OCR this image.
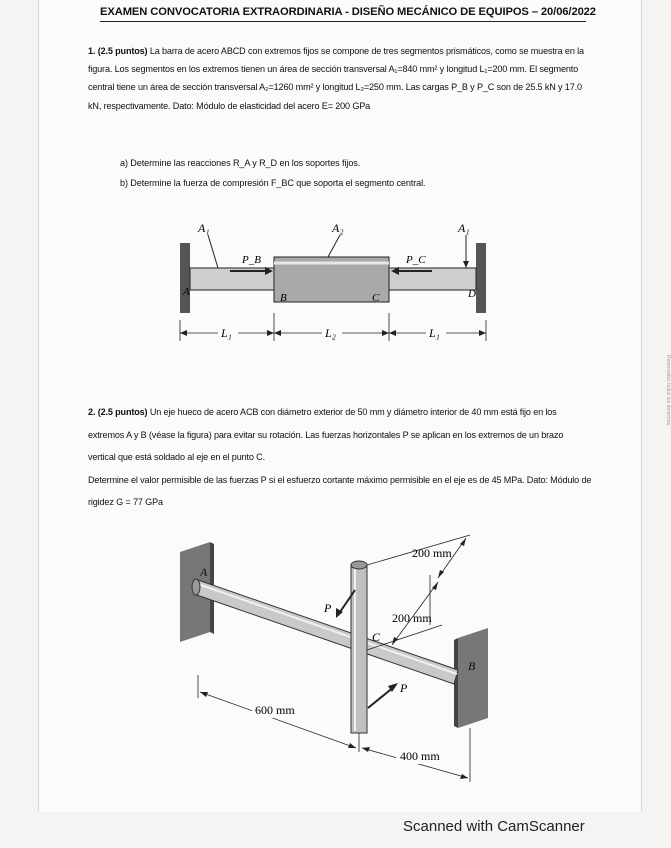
EXAMEN CONVOCATORIA EXTRAORDINARIA - DISEÑO MECÁNICO DE EQUIPOS – 20/06/2022
1. (2.5 puntos) La barra de acero ABCD con extremos fijos se compone de tres segmentos prismáticos, como se muestra en la figura. Los segmentos en los extremos tienen un área de sección transversal A₁=840 mm² y longitud L₁=200 mm. El segmento central tiene un área de sección transversal A₂=1260 mm² y longitud L₂=250 mm. Las cargas P_B y P_C son de 25.5 kN y 17.0 kN, respectivamente. Dato: Módulo de elasticidad del acero E= 200 GPa
a) Determine las reacciones R_A y R_D en los soportes fijos.
b) Determine la fuerza de compresión F_BC que soporta el segmento central.
A₁	A₂	A₁
P_B	P_C
A	B	C	D
L₁	L₂	L₁
2. (2.5 puntos) Un eje hueco de acero ACB con diámetro exterior de 50 mm y diámetro interior de 40 mm está fijo en los extremos A y B (véase la figura) para evitar su rotación. Las fuerzas horizontales P se aplican en los extremos de un brazo vertical que está soldado al eje en el punto C.
Determine el valor permisible de las fuerzas P si el esfuerzo cortante máximo permisible en el eje es de 45 MPa. Dato: Módulo de rigidez G = 77 GPa
200 mm
200 mm
600 mm
400 mm
A
B
C
P
P
Scanned with CamScanner
Reservados todos los derechos.
